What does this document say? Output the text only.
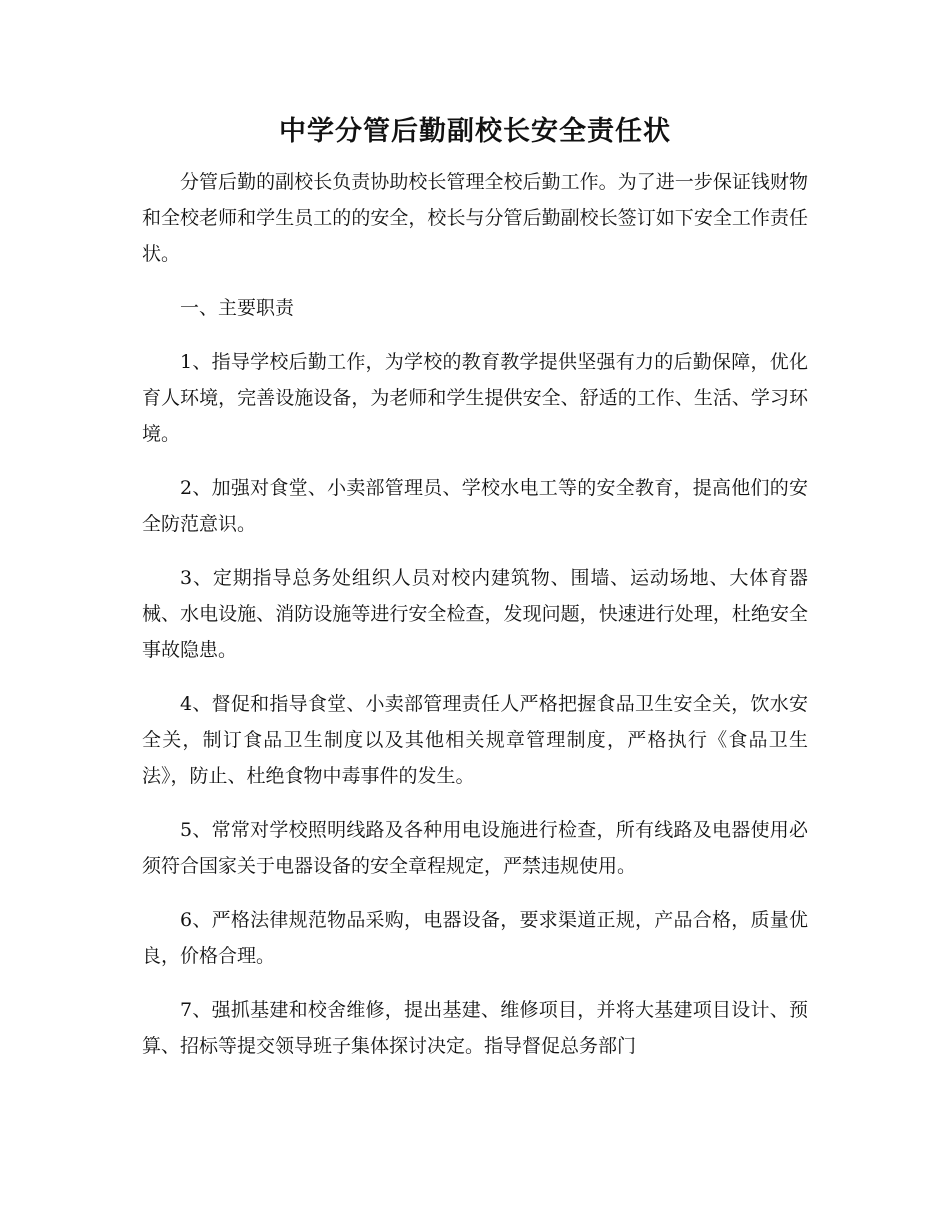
中学分管后勤副校长安全责任状

分管后勤的副校长负责协助校长管理全校后勤工作。为了进一步保证钱财物和全校老师和学生员工的的安全，校长与分管后勤副校长签订如下安全工作责任状。

一、主要职责

1、指导学校后勤工作，为学校的教育教学提供坚强有力的后勤保障，优化育人环境，完善设施设备，为老师和学生提供安全、舒适的工作、生活、学习环境。

2、加强对食堂、小卖部管理员、学校水电工等的安全教育，提高他们的安全防范意识。

3、定期指导总务处组织人员对校内建筑物、围墙、运动场地、大体育器械、水电设施、消防设施等进行安全检查，发现问题，快速进行处理，杜绝安全事故隐患。

4、督促和指导食堂、小卖部管理责任人严格把握食品卫生安全关，饮水安全关，制订食品卫生制度以及其他相关规章管理制度，严格执行《食品卫生法》，防止、杜绝食物中毒事件的发生。

5、常常对学校照明线路及各种用电设施进行检查，所有线路及电器使用必须符合国家关于电器设备的安全章程规定，严禁违规使用。

6、严格法律规范物品采购，电器设备，要求渠道正规，产品合格，质量优良，价格合理。

7、强抓基建和校舍维修，提出基建、维修项目，并将大基建项目设计、预算、招标等提交领导班子集体探讨决定。指导督促总务部门
